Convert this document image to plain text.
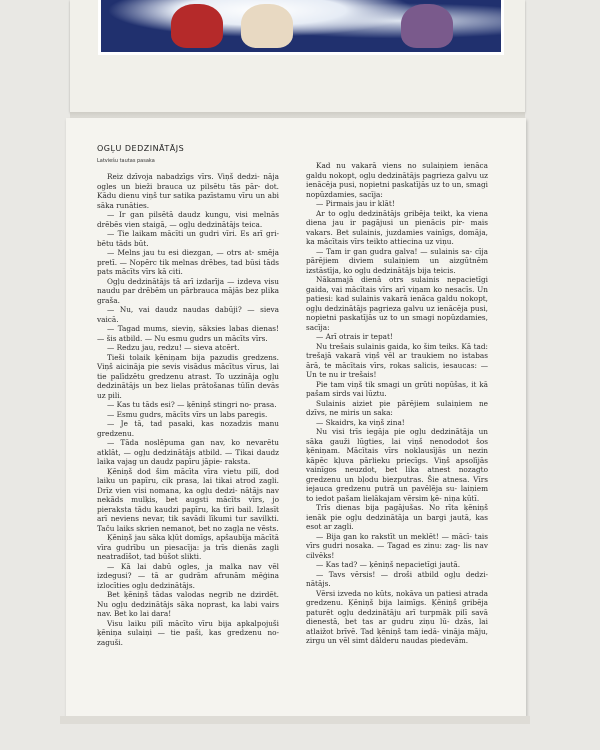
OGĻU DEDZINĀTĀJS
Latviešu tautas pasaka

Reiz dzīvoja nabadzīgs vīrs. Viņš dedzi- nāja ogles un bieži brauca uz pilsētu tās pār- dot. Kādu dienu viņš tur satika pazīstamu vīru un abi sāka runāties.

— Ir gan pilsētā daudz kungu, visi melnās drēbēs vien staigā, — ogļu dedzinātājs teica.

— Tie laikam mācīti un gudri vīri. Es arī gri- bētu tāds būt.

— Melns jau tu esi diezgan, — otrs at- smēja pretī. — Nopērc tik melnas drēbes, tad būsi tāds pats mācīts vīrs kā citi.

Ogļu dedzinātājs tā arī izdarīja — izdeva visu naudu par drēbēm un pārbrauca mājās bez plika graša.

— Nu, vai daudz naudas dabūji? — sieva vaicā.

— Tagad mums, sieviņ, sāksies labas dienas! — šis atbild. — Nu esmu gudrs un mācīts vīrs.

— Redzu jau, redzu! — sieva atcērt.

Tieši tolaik ķēniņam bija pazudis gredzens. Viņš aicināja pie sevis visādus mācītus vīrus, lai tie palīdzētu gredzenu atrast. To uzzināja ogļu dedzinātājs un bez lielas prātošanas tūlīn devās uz pili.

— Kas tu tāds esi? — ķēniņš stingri no- prasa.

— Esmu gudrs, mācīts vīrs un labs paregis.

— Je tā, tad pasaki, kas nozadzis manu gredzenu.

— Tāda noslēpuma gan nav, ko nevarētu atklāt, — ogļu dedzinātājs atbild. — Tikai daudz laika vajag un daudz papīru jāpie- raksta.

Ķēniņš dod šim mācīta vīra vietu pilī, dod laiku un papīru, cik prasa, lai tikai atrod zagli. Drīz vien visi nomana, ka ogļu dedzi- nātājs nav nekāds mulķis, bet augsti mācīts vīrs, jo pieraksta tādu kaudzi papīru, ka tīri bail. Izlasīt arī neviens nevar, tik savādi līkumi tur savilkti. Taču laiks skrien nemanot, bet no zagļa ne vēsts.

Ķēniņš jau sāka kļūt domīgs, apšaubīja mācītā vīra gudrību un piesacīja: ja trīs dienās zagli neatradīšot, tad būšot slikti.

— Kā lai dabū ogles, ja malka nav vēl izdegusi? — tā ar gudrām afrunām mēģina izlocīties ogļu dedzinātājs.

Bet ķēniņš tādas valodas negrib ne dzirdēt. Nu ogļu dedzinātājs sāka noprast, ka labi vairs nav. Bet ko lai dara!

Visu laiku pilī mācīto vīru bija apkalpojuši ķēniņa sulaiņi — tie paši, kas gredzenu no- zaguši.

Kad nu vakarā viens no sulaiņiem ienāca galdu nokopt, ogļu dedzinātājs pagrieza galvu uz ienācēja pusi, nopietni paskatījās uz to un, smagi nopūzdamies, sacīja:

— Pirmais jau ir klāt!

Ar to ogļu dedzinātājs gribēja teikt, ka viena diena jau ir pagājusi un pienācis pir- mais vakars. Bet sulainis, juzdamies vainīgs, domāja, ka mācītais vīrs teikto attiecina uz viņu.

— Tam ir gan gudra galva! — sulainis sa- cīja pārējiem diviem sulaiņiem un aizgūtnēm izstāstīja, ko ogļu dedzinātājs bija teicis.

Nākamajā dienā otrs sulainis nepacietīgi gaida, vai mācītais vīrs arī viņam ko nesacīs. Un patiesi: kad sulainis vakarā ienāca galdu nokopt, ogļu dedzinātājs pagrieza galvu uz ienācēja pusi, nopietni paskatījās uz to un smagi nopūzdamies, sacīja:

— Arī otrais ir tepat!

Nu trešais sulainis gaida, ko šim teiks. Kā tad: trešajā vakarā viņš vēl ar traukiem no istabas ārā, te mācītais vīrs, rokas salicis, iesaucas: — Un te nu ir trešais!

Pie tam viņš tik smagi un grūti nopūšas, it kā pašam sirds vai lūztu.

Sulainis aiziet pie pārējiem sulaiņiem ne dzīvs, ne miris un saka:

— Skaidrs, ka viņš zina!

Nu visi trīs iegāja pie ogļu dedzinātāja un sāka gauži lūgties, lai viņš nenododot šos ķēniņam. Mācītais vīrs noklausījās un nezin kāpēc kļuva pārlieku priecīgs. Viņš apsolījās vainīgos neuzdot, bet lika atnest nozagto gredzenu un bļodu biezputras. Šie atnesa. Vīrs iejauca gredzenu putrā un pavēlēja su- laiņiem to iedot pašam lielākajam vērsim ķē- niņa kūtī.

Trīs dienas bija pagājušas. No rīta ķēniņš ienāk pie ogļu dedzinātāja un bargi jautā, kas esot ar zagli.

— Bija gan ko rakstīt un meklēt! — mācī- tais vīrs gudri nosaka. — Tagad es zinu: zag- lis nav cilvēks!

— Kas tad? — ķēniņš nepacietīgi jautā.

— Tavs vērsis! — droši atbild ogļu dedzi- nātājs.

Vērsi izveda no kūts, nokāva un patiesi atrada gredzenu. Ķēniņš bija laimīgs. Ķēniņš gribēja paturēt ogļu dedzinātāju arī turpmāk pilī savā dienestā, bet tas ar gudru ziņu lū- dzās, lai atlaižot brīvē. Tad ķēniņš tam iedā- vināja māju, zirgu un vēl simt dālderu naudas piedevām.
